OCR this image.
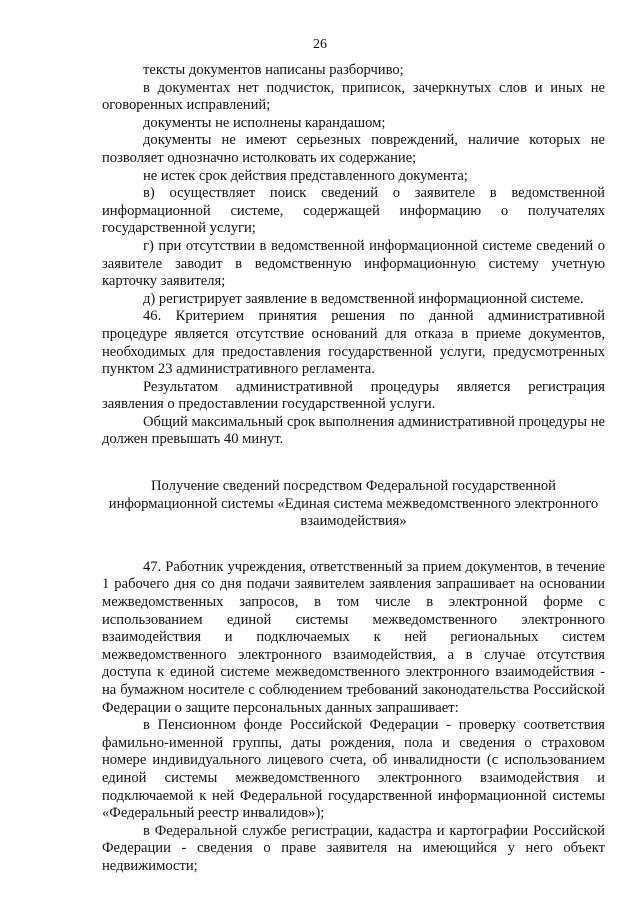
26

тексты документов написаны разборчиво;

в документах нет подчисток, приписок, зачеркнутых слов и иных не оговоренных исправлений;

документы не исполнены карандашом;

документы не имеют серьезных повреждений, наличие которых не позволяет однозначно истолковать их содержание;

не истек срок действия представленного документа;

в) осуществляет поиск сведений о заявителе в ведомственной информационной системе, содержащей информацию о получателях государственной услуги;

г) при отсутствии в ведомственной информационной системе сведений о заявителе заводит в ведомственную информационную систему учетную карточку заявителя;

д) регистрирует заявление в ведомственной информационной системе.

46. Критерием принятия решения по данной административной процедуре является отсутствие оснований для отказа в приеме документов, необходимых для предоставления государственной услуги, предусмотренных пунктом 23 административного регламента.

Результатом административной процедуры является регистрация заявления о предоставлении государственной услуги.

Общий максимальный срок выполнения административной процедуры не должен превышать 40 минут.

Получение сведений посредством Федеральной государственной информационной системы «Единая система межведомственного электронного взаимодействия»

47. Работник учреждения, ответственный за прием документов, в течение 1 рабочего дня со дня подачи заявителем заявления запрашивает на основании межведомственных запросов, в том числе в электронной форме с использованием единой системы межведомственного электронного взаимодействия и подключаемых к ней региональных систем межведомственного электронного взаимодействия, а в случае отсутствия доступа к единой системе межведомственного электронного взаимодействия - на бумажном носителе с соблюдением требований законодательства Российской Федерации о защите персональных данных запрашивает:

в Пенсионном фонде Российской Федерации - проверку соответствия фамильно-именной группы, даты рождения, пола и сведения о страховом номере индивидуального лицевого счета, об инвалидности (с использованием единой системы межведомственного электронного взаимодействия и подключаемой к ней Федеральной государственной информационной системы «Федеральный реестр инвалидов»);

в Федеральной службе регистрации, кадастра и картографии Российской Федерации - сведения о праве заявителя на имеющийся у него объект недвижимости;
